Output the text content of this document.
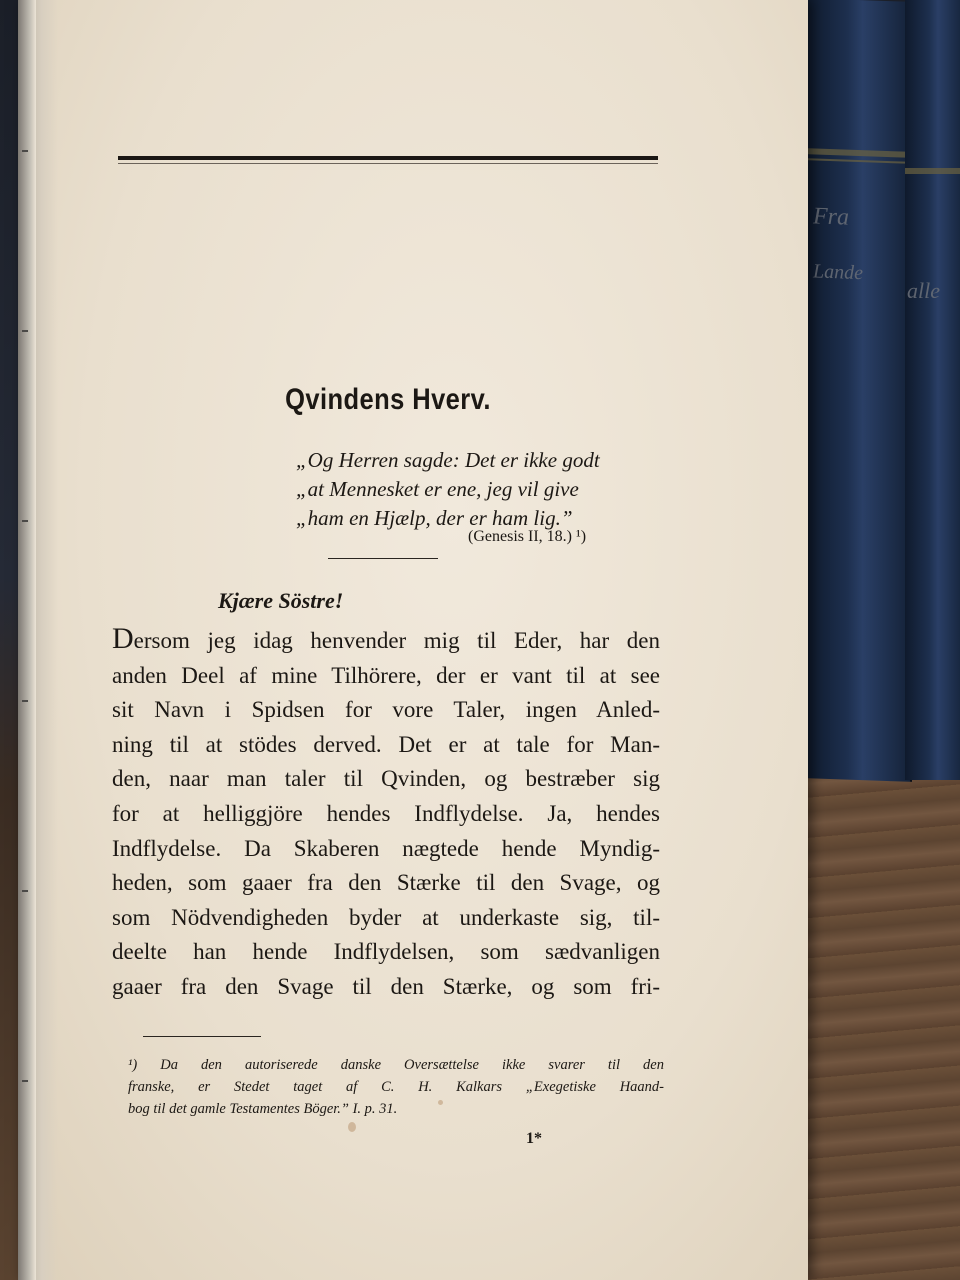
Fra
Lande
alle
Qvindens Hverv.
„Og Herren sagde: Det er ikke godt
„at Mennesket er ene, jeg vil give
„ham en Hjælp, der er ham lig.”
(Genesis II, 18.) ¹)
Kjære Söstre!
Dersom jeg idag henvender mig til Eder, har den
anden Deel af mine Tilhörere, der er vant til at see
sit Navn i Spidsen for vore Taler, ingen Anled-
ning til at stödes derved. Det er at tale for Man-
den, naar man taler til Qvinden, og bestræber sig
for at helliggjöre hendes Indflydelse. Ja, hendes
Indflydelse. Da Skaberen nægtede hende Myndig-
heden, som gaaer fra den Stærke til den Svage, og
som Nödvendigheden byder at underkaste sig, til-
deelte han hende Indflydelsen, som sædvanligen
gaaer fra den Svage til den Stærke, og som fri-
¹) Da den autoriserede danske Oversættelse ikke svarer til den
franske, er Stedet taget af C. H. Kalkars „Exegetiske Haand-
bog til det gamle Testamentes Böger.” I. p. 31.
1*
